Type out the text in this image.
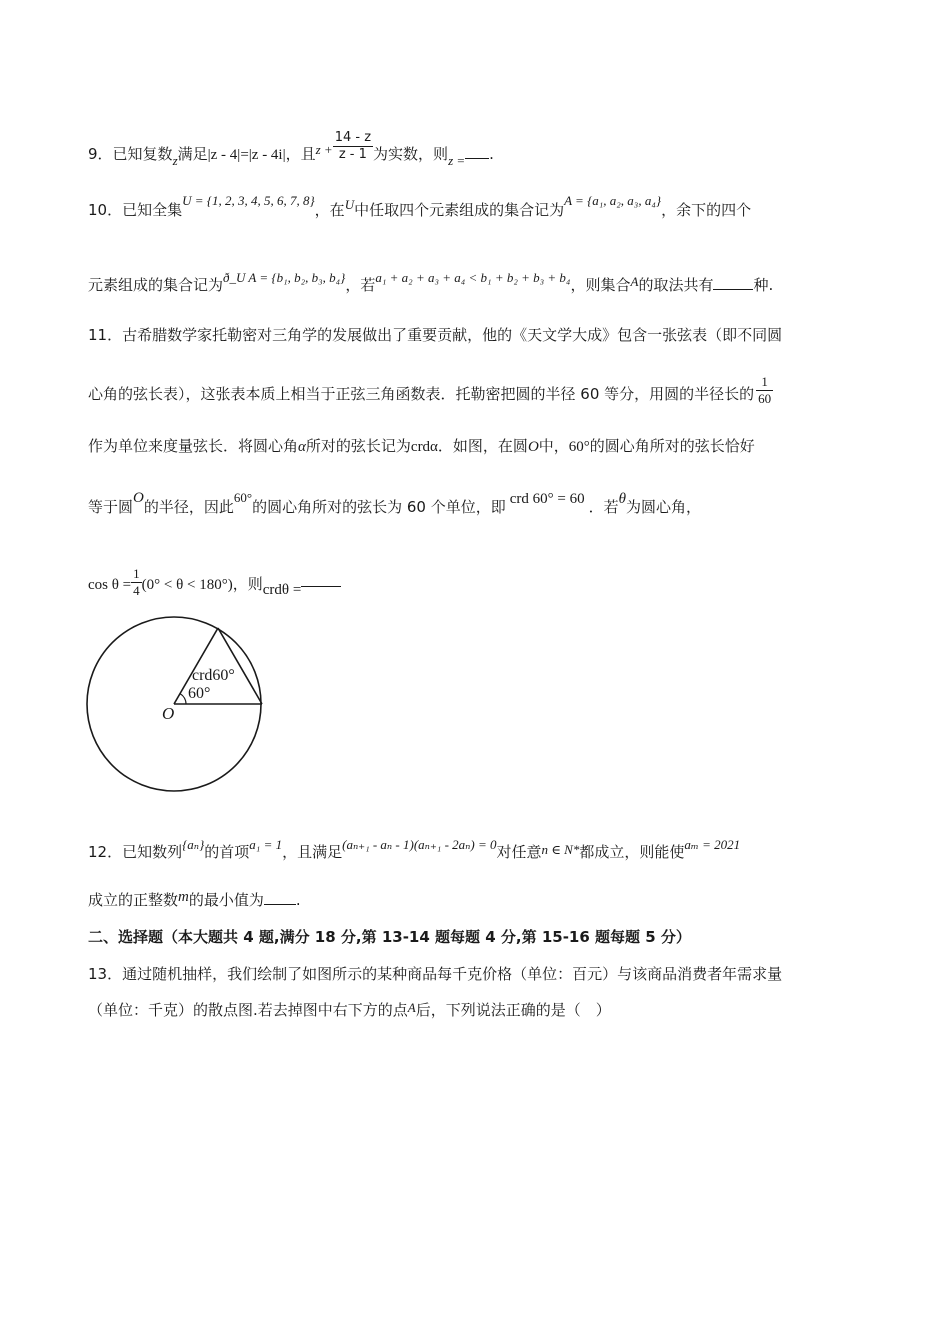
9．已知复数z满足|z - 4|=|z - 4i|，且$z + \frac{14 - z}{z - 1}$ 为实数，则z = .
10．已知全集U = {1, 2, 3, 4, 5, 6, 7, 8}，在U中任取四个元素组成的集合记为A = {a₁, a₂, a₃, a₄}，余下的四个
元素组成的集合记为ð_U A = {b₁, b₂, b₃, b₄}，若a₁ + a₂ + a₃ + a₄ < b₁ + b₂ + b₃ + b₄，则集合A的取法共有	种.
11．古希腊数学家托勒密对三角学的发展做出了重要贡献，他的《天文学大成》包含一张弦表（即不同圆
心角的弦长表），这张表本质上相当于正弦三角函数表．托勒密把圆的半径 60 等分，用圆的半径长的 $\frac{1}{60}$
作为单位来度量弦长．将圆心角α所对的弦长记为crdα．如图，在圆O中，60°的圆心角所对的弦长恰好
等于圆O的半径，因此60°的圆心角所对的弦长为 60 个单位，即 crd 60° = 60 ．若θ为圆心角，
$\cos \theta = \frac{1}{4} (0^\circ < \theta < 180^\circ)$，则crdθ =
crd60°
60°
O
12．已知数列{aₙ}的首项a₁ = 1，且满足(aₙ₊₁ - aₙ - 1)(aₙ₊₁ - 2aₙ) = 0对任意n ∈ N*都成立，则能使aₘ = 2021
成立的正整数m的最小值为 .
二、选择题（本大题共 4 题,满分 18 分,第 13-14 题每题 4 分,第 15-16 题每题 5 分）
13．通过随机抽样，我们绘制了如图所示的某种商品每千克价格（单位：百元）与该商品消费者年需求量
（单位：千克）的散点图.若去掉图中右下方的点A后，下列说法正确的是（　）
